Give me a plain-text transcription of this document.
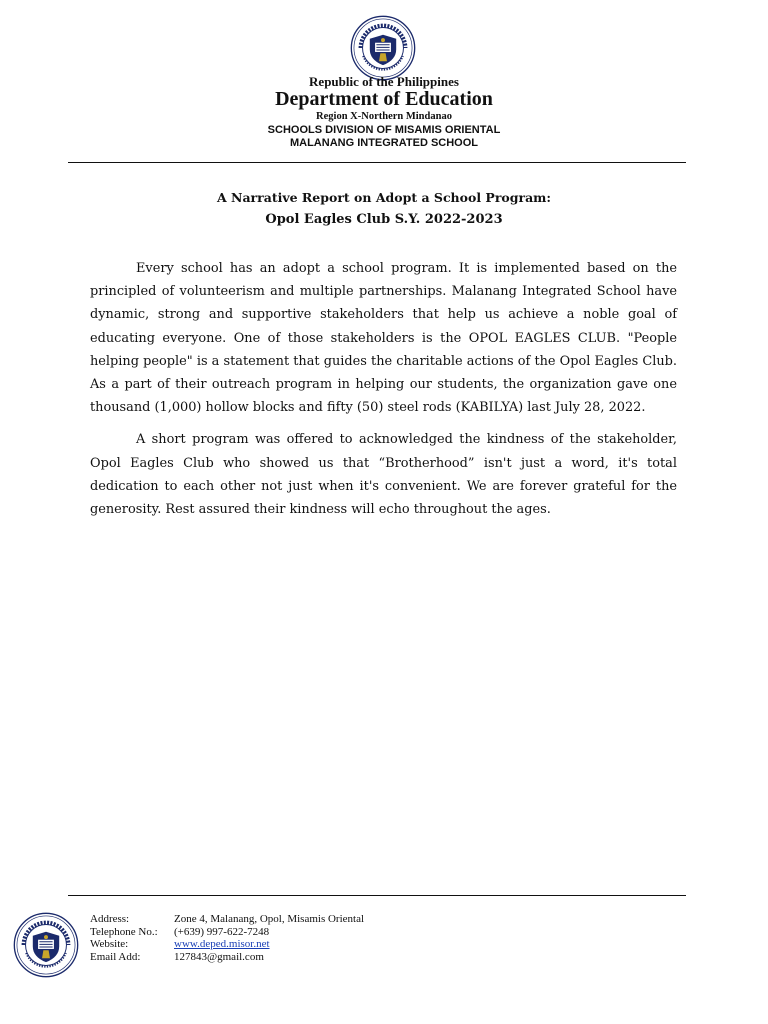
Republic of the Philippines
Department of Education
Region X-Northern Mindanao
SCHOOLS DIVISION OF MISAMIS ORIENTAL
MALANANG INTEGRATED SCHOOL
A Narrative Report on Adopt a School Program:
Opol Eagles Club S.Y. 2022-2023

Every school has an adopt a school program. It is implemented based on the principled of volunteerism and multiple partnerships. Malanang Integrated School have dynamic, strong and supportive stakeholders that help us achieve a noble goal of educating everyone. One of those stakeholders is the OPOL EAGLES CLUB. "People helping people" is a statement that guides the charitable actions of the Opol Eagles Club. As a part of their outreach program in helping our students, the organization gave one thousand (1,000) hollow blocks and fifty (50) steel rods (KABILYA) last July 28, 2022.

A short program was offered to acknowledged the kindness of the stakeholder, Opol Eagles Club who showed us that “Brotherhood” isn't just a word, it's total dedication to each other not just when it's convenient. We are forever grateful for the generosity. Rest assured their kindness will echo throughout the ages.

Address:	Zone 4, Malanang, Opol, Misamis Oriental
Telephone No.:	(+639) 997-622-7248
Website:	www.deped.misor.net
Email Add:	127843@gmail.com
